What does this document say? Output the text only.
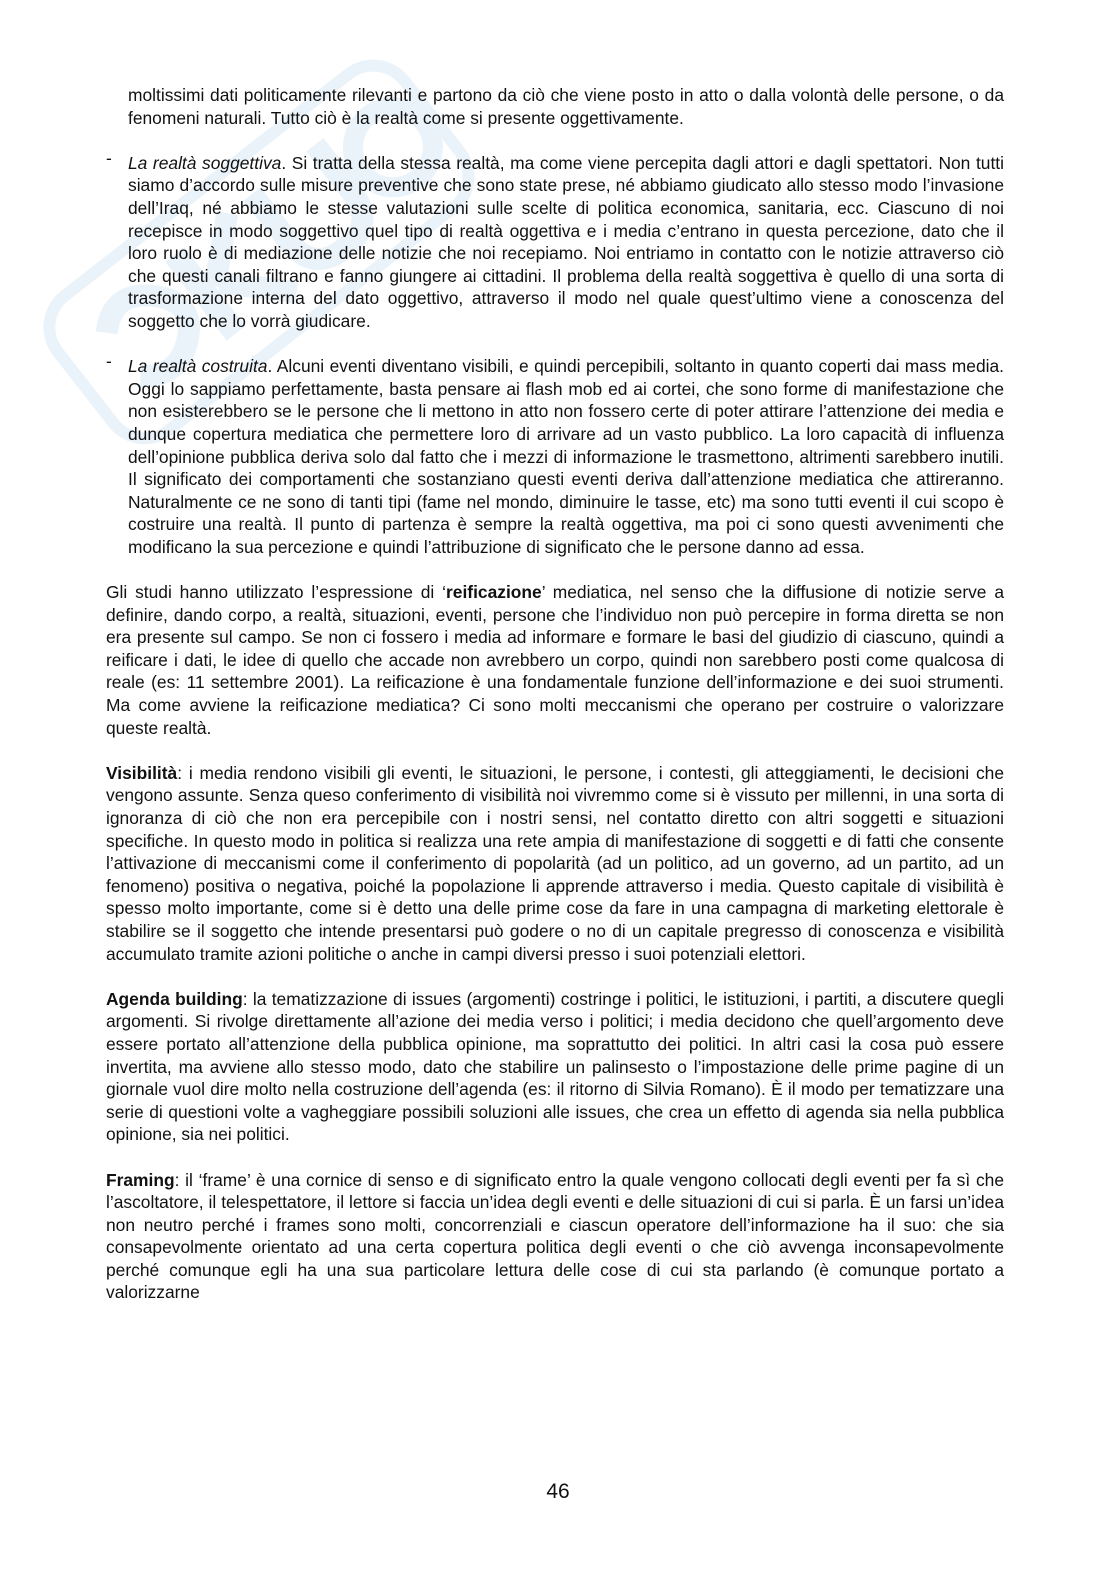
moltissimi dati politicamente rilevanti e partono da ciò che viene posto in atto o dalla volontà delle persone, o da fenomeni naturali. Tutto ciò è la realtà come si presente oggettivamente.

- La realtà soggettiva. Si tratta della stessa realtà, ma come viene percepita dagli attori e dagli spettatori. Non tutti siamo d’accordo sulle misure preventive che sono state prese, né abbiamo giudicato allo stesso modo l’invasione dell’Iraq, né abbiamo le stesse valutazioni sulle scelte di politica economica, sanitaria, ecc. Ciascuno di noi recepisce in modo soggettivo quel tipo di realtà oggettiva e i media c’entrano in questa percezione, dato che il loro ruolo è di mediazione delle notizie che noi recepiamo. Noi entriamo in contatto con le notizie attraverso ciò che questi canali filtrano e fanno giungere ai cittadini. Il problema della realtà soggettiva è quello di una sorta di trasformazione interna del dato oggettivo, attraverso il modo nel quale quest’ultimo viene a conoscenza del soggetto che lo vorrà giudicare.

- La realtà costruita. Alcuni eventi diventano visibili, e quindi percepibili, soltanto in quanto coperti dai mass media. Oggi lo sappiamo perfettamente, basta pensare ai flash mob ed ai cortei, che sono forme di manifestazione che non esisterebbero se le persone che li mettono in atto non fossero certe di poter attirare l’attenzione dei media e dunque copertura mediatica che permettere loro di arrivare ad un vasto pubblico. La loro capacità di influenza dell’opinione pubblica deriva solo dal fatto che i mezzi di informazione le trasmettono, altrimenti sarebbero inutili. Il significato dei comportamenti che sostanziano questi eventi deriva dall’attenzione mediatica che attireranno. Naturalmente ce ne sono di tanti tipi (fame nel mondo, diminuire le tasse, etc) ma sono tutti eventi il cui scopo è costruire una realtà. Il punto di partenza è sempre la realtà oggettiva, ma poi ci sono questi avvenimenti che modificano la sua percezione e quindi l’attribuzione di significato che le persone danno ad essa.

Gli studi hanno utilizzato l’espressione di ‘reificazione’ mediatica, nel senso che la diffusione di notizie serve a definire, dando corpo, a realtà, situazioni, eventi, persone che l’individuo non può percepire in forma diretta se non era presente sul campo. Se non ci fossero i media ad informare e formare le basi del giudizio di ciascuno, quindi a reificare i dati, le idee di quello che accade non avrebbero un corpo, quindi non sarebbero posti come qualcosa di reale (es: 11 settembre 2001). La reificazione è una fondamentale funzione dell’informazione e dei suoi strumenti. Ma come avviene la reificazione mediatica? Ci sono molti meccanismi che operano per costruire o valorizzare queste realtà.

Visibilità: i media rendono visibili gli eventi, le situazioni, le persone, i contesti, gli atteggiamenti, le decisioni che vengono assunte. Senza queso conferimento di visibilità noi vivremmo come si è vissuto per millenni, in una sorta di ignoranza di ciò che non era percepibile con i nostri sensi, nel contatto diretto con altri soggetti e situazioni specifiche. In questo modo in politica si realizza una rete ampia di manifestazione di soggetti e di fatti che consente l’attivazione di meccanismi come il conferimento di popolarità (ad un politico, ad un governo, ad un partito, ad un fenomeno) positiva o negativa, poiché la popolazione li apprende attraverso i media. Questo capitale di visibilità è spesso molto importante, come si è detto una delle prime cose da fare in una campagna di marketing elettorale è stabilire se il soggetto che intende presentarsi può godere o no di un capitale pregresso di conoscenza e visibilità accumulato tramite azioni politiche o anche in campi diversi presso i suoi potenziali elettori.

Agenda building: la tematizzazione di issues (argomenti) costringe i politici, le istituzioni, i partiti, a discutere quegli argomenti. Si rivolge direttamente all’azione dei media verso i politici; i media decidono che quell’argomento deve essere portato all’attenzione della pubblica opinione, ma soprattutto dei politici. In altri casi la cosa può essere invertita, ma avviene allo stesso modo, dato che stabilire un palinsesto o l’impostazione delle prime pagine di un giornale vuol dire molto nella costruzione dell’agenda (es: il ritorno di Silvia Romano). È il modo per tematizzare una serie di questioni volte a vagheggiare possibili soluzioni alle issues, che crea un effetto di agenda sia nella pubblica opinione, sia nei politici.

Framing: il ‘frame’ è una cornice di senso e di significato entro la quale vengono collocati degli eventi per fa sì che l’ascoltatore, il telespettatore, il lettore si faccia un’idea degli eventi e delle situazioni di cui si parla. È un farsi un’idea non neutro perché i frames sono molti, concorrenziali e ciascun operatore dell’informazione ha il suo: che sia consapevolmente orientato ad una certa copertura politica degli eventi o che ciò avvenga inconsapevolmente perché comunque egli ha una sua particolare lettura delle cose di cui sta parlando (è comunque portato a valorizzarne

46
